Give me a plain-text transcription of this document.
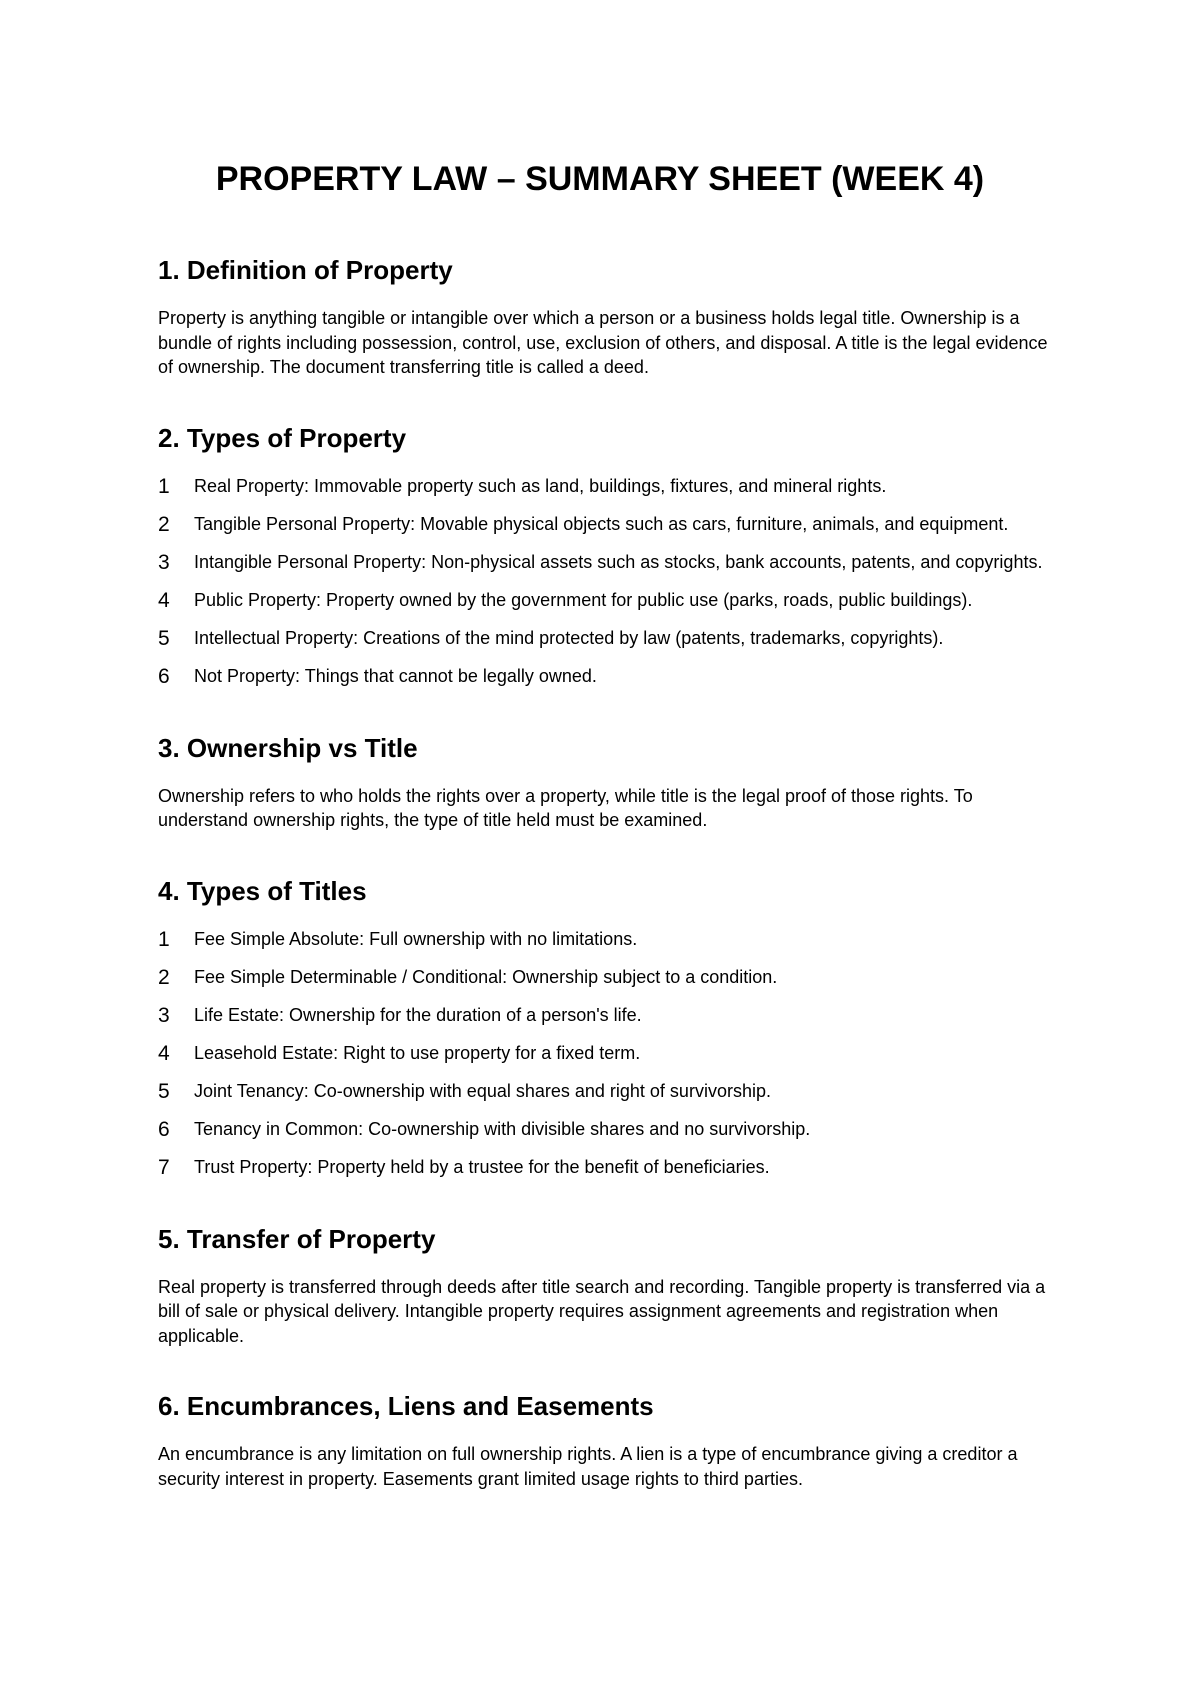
PROPERTY LAW – SUMMARY SHEET (WEEK 4)
1. Definition of Property

Property is anything tangible or intangible over which a person or a business holds legal title. Ownership is a bundle of rights including possession, control, use, exclusion of others, and disposal. A title is the legal evidence of ownership. The document transferring title is called a deed.

2. Types of Property
1	Real Property: Immovable property such as land, buildings, fixtures, and mineral rights.
2	Tangible Personal Property: Movable physical objects such as cars, furniture, animals, and equipment.
3	Intangible Personal Property: Non-physical assets such as stocks, bank accounts, patents, and copyrights.
4	Public Property: Property owned by the government for public use (parks, roads, public buildings).
5	Intellectual Property: Creations of the mind protected by law (patents, trademarks, copyrights).
6	Not Property: Things that cannot be legally owned.
3. Ownership vs Title

Ownership refers to who holds the rights over a property, while title is the legal proof of those rights. To understand ownership rights, the type of title held must be examined.

4. Types of Titles
1	Fee Simple Absolute: Full ownership with no limitations.
2	Fee Simple Determinable / Conditional: Ownership subject to a condition.
3	Life Estate: Ownership for the duration of a person's life.
4	Leasehold Estate: Right to use property for a fixed term.
5	Joint Tenancy: Co-ownership with equal shares and right of survivorship.
6	Tenancy in Common: Co-ownership with divisible shares and no survivorship.
7	Trust Property: Property held by a trustee for the benefit of beneficiaries.
5. Transfer of Property

Real property is transferred through deeds after title search and recording. Tangible property is transferred via a bill of sale or physical delivery. Intangible property requires assignment agreements and registration when applicable.

6. Encumbrances, Liens and Easements

An encumbrance is any limitation on full ownership rights. A lien is a type of encumbrance giving a creditor a security interest in property. Easements grant limited usage rights to third parties.
